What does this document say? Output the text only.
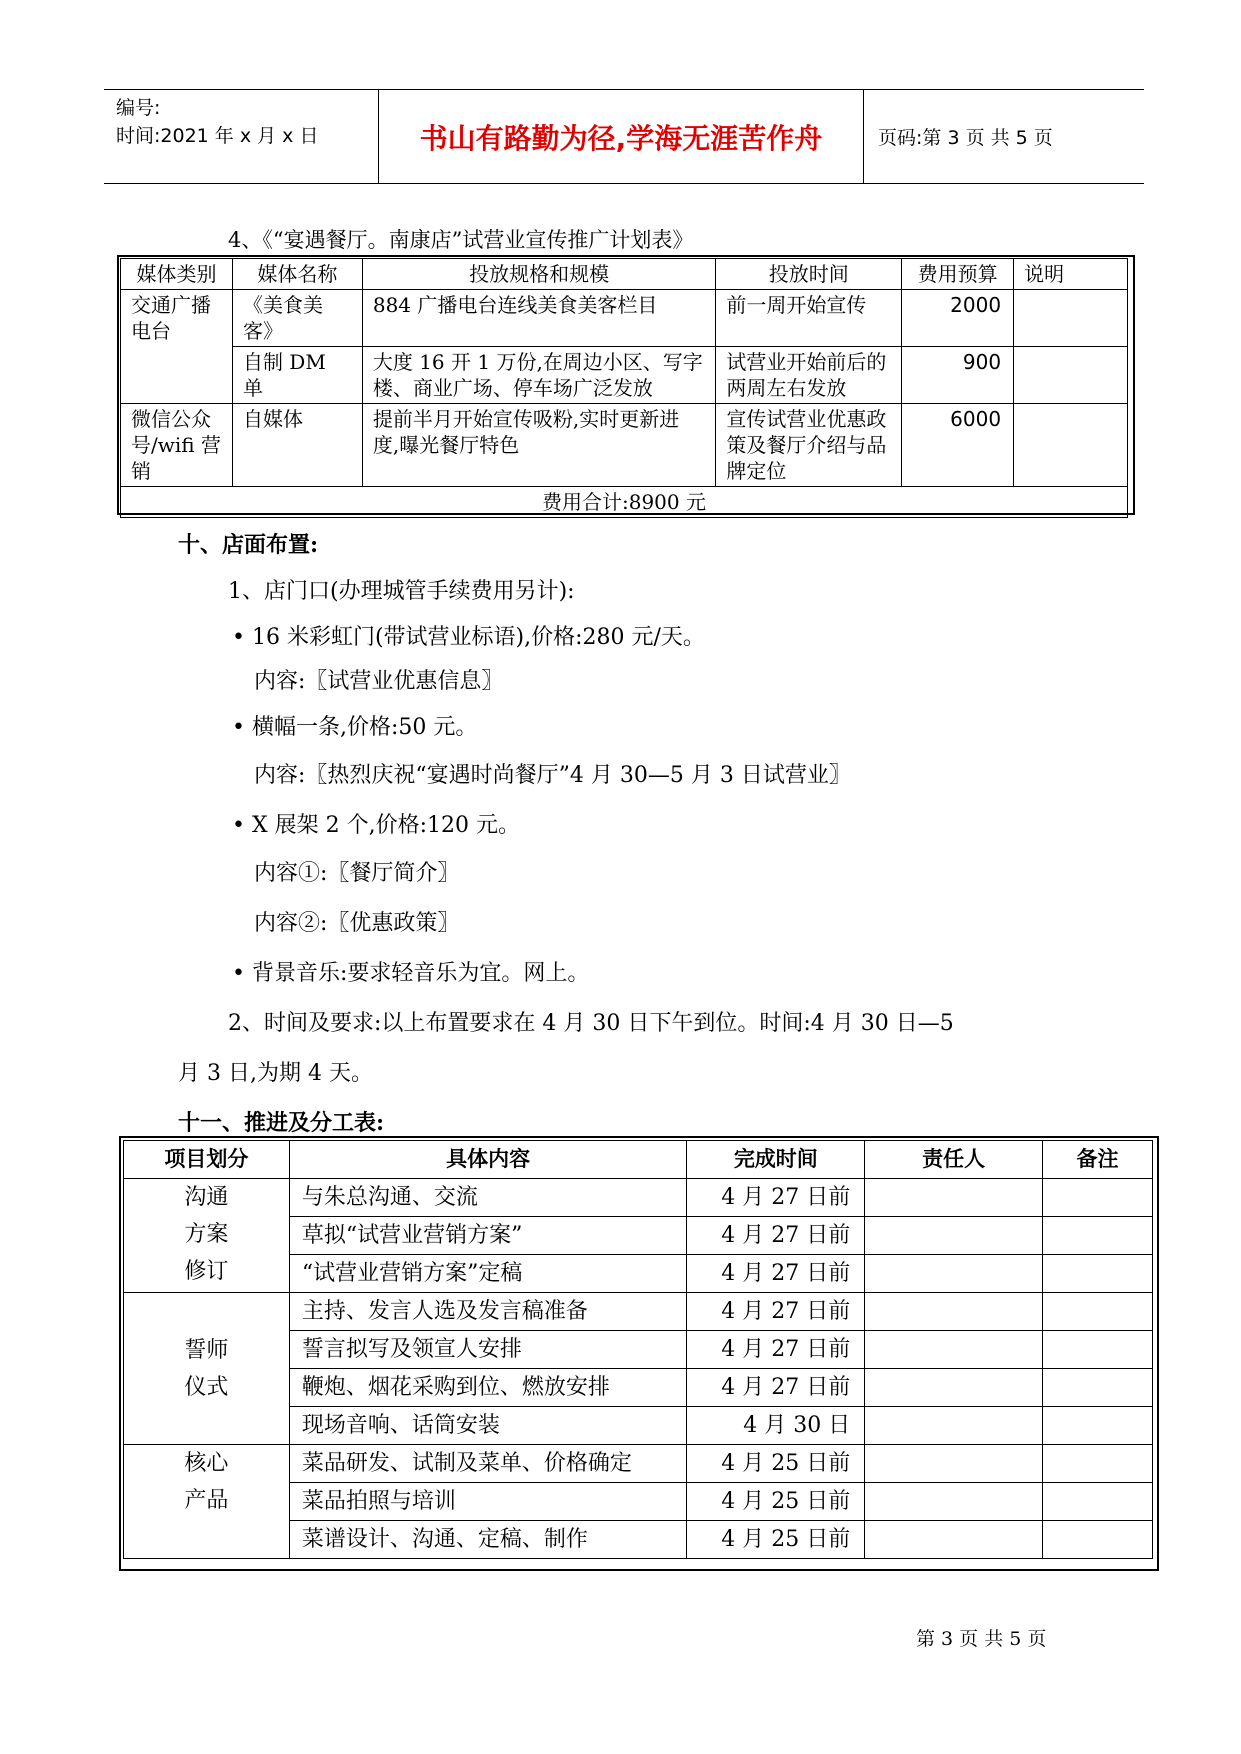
编号:
时间:2021 年 x 月 x 日	书山有路勤为径,学海无涯苦作舟	页码:第 3 页 共 5 页
4、《“宴遇餐厅。南康店”试营业宣传推广计划表》
媒体类别	媒体名称	投放规格和规模	投放时间	费用预算	说明
交通广播电台	《美食美客》	884 广播电台连线美食美客栏目	前一周开始宣传	2000	
	自制 DM 单	大度 16 开 1 万份,在周边小区、写字楼、商业广场、停车场广泛发放	试营业开始前后的两周左右发放	900	
微信公众号/wifi 营销	自媒体	提前半月开始宣传吸粉,实时更新进度,曝光餐厅特色	宣传试营业优惠政策及餐厅介绍与品牌定位	6000	
费用合计:8900 元					
十、店面布置:
1、店门口(办理城管手续费用另计):
• 16 米彩虹门(带试营业标语),价格:280 元/天。
内容:〖试营业优惠信息〗
• 横幅一条,价格:50 元。
内容:〖热烈庆祝“宴遇时尚餐厅”4 月 30—5 月 3 日试营业〗
• X 展架 2 个,价格:120 元。
内容①:〖餐厅简介〗
内容②:〖优惠政策〗
• 背景音乐:要求轻音乐为宜。网上。
2、时间及要求:以上布置要求在 4 月 30 日下午到位。时间:4 月 30 日—5
月 3 日,为期 4 天。
十一、推进及分工表:
项目划分	具体内容	完成时间	责任人	备注

沟通
方案
修订	与朱总沟通、交流	4 月 27 日前		
	草拟“试营业营销方案”	4 月 27 日前		
	“试营业营销方案”定稿	4 月 27 日前		

誓师
仪式	主持、发言人选及发言稿准备	4 月 27 日前		
	誓言拟写及领宣人安排	4 月 27 日前		
	鞭炮、烟花采购到位、燃放安排	4 月 27 日前		
	现场音响、话筒安装	4 月 30 日		

核心
产品	菜品研发、试制及菜单、价格确定	4 月 25 日前		
	菜品拍照与培训	4 月 25 日前		
	菜谱设计、沟通、定稿、制作	4 月 25 日前		
第 3 页 共 5 页
